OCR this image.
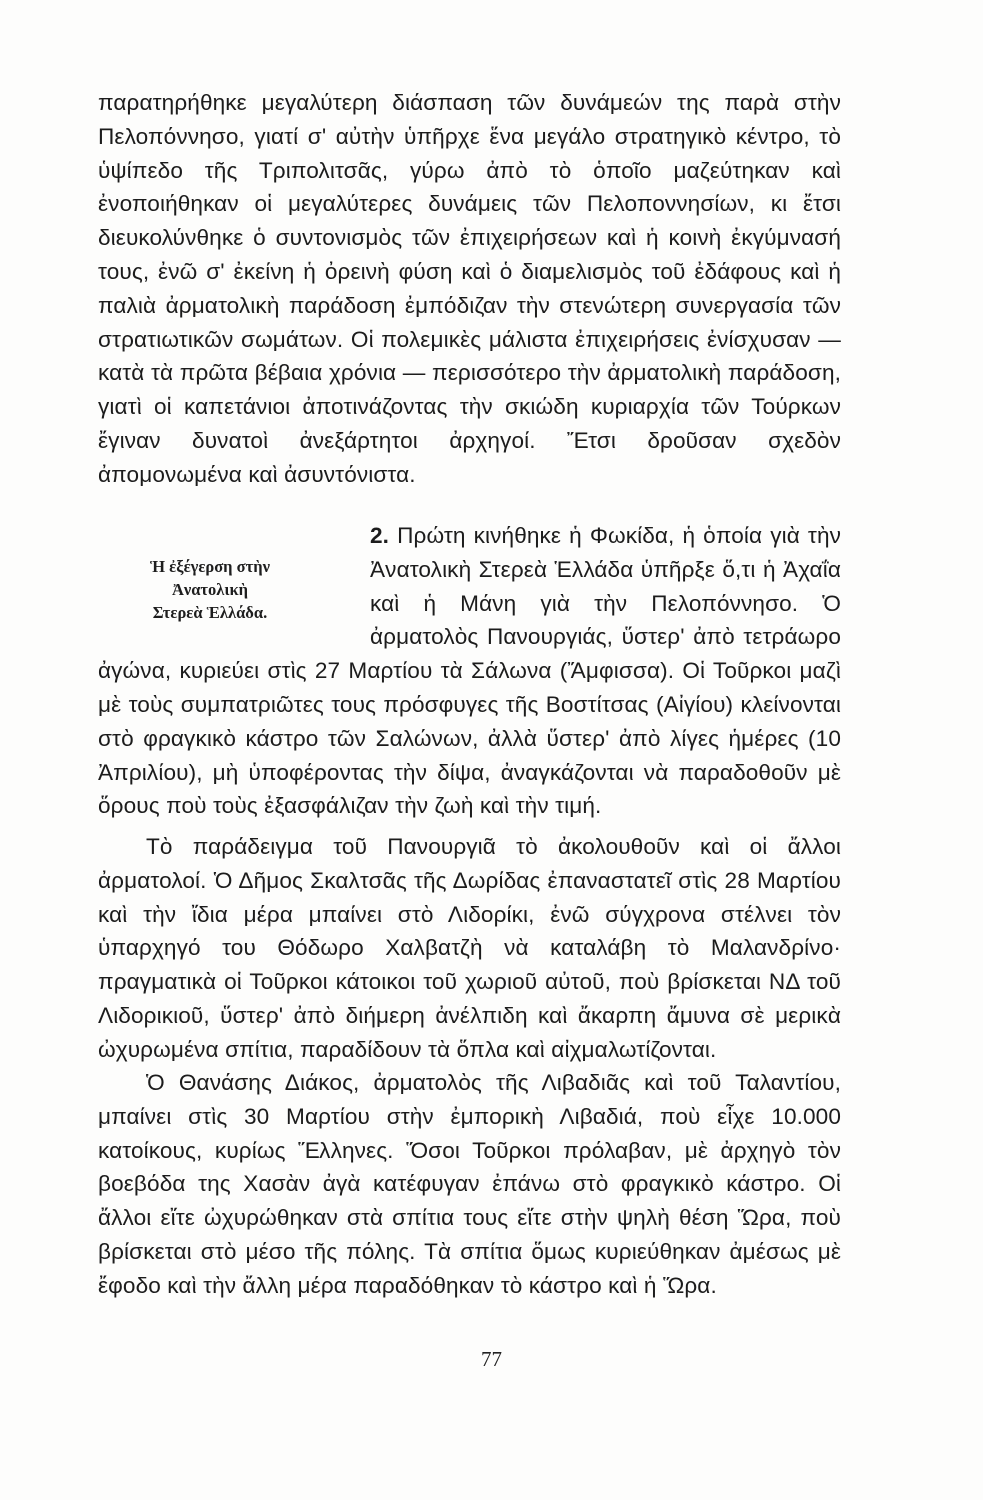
παρατηρήθηκε μεγαλύτερη διάσπαση τῶν δυνάμεών της παρὰ στὴν Πελοπόννησο, γιατί σ' αὐτὴν ὑπῆρχε ἕνα μεγάλο στρατηγικὸ κέντρο, τὸ ὑψίπεδο τῆς Τριπολιτσᾶς, γύρω ἀπὸ τὸ ὁποῖο μαζεύτηκαν καὶ ἐνοποιήθηκαν οἱ μεγαλύτερες δυνάμεις τῶν Πελοποννησίων, κι ἔτσι διευκολύνθηκε ὁ συντονισμὸς τῶν ἐπιχειρήσεων καὶ ἡ κοινὴ ἐκγύμνασή τους, ἐνῶ σ' ἐκείνη ἡ ὀρεινὴ φύση καὶ ὁ διαμελισμὸς τοῦ ἐδάφους καὶ ἡ παλιὰ ἀρματολικὴ παράδοση ἐμπόδιζαν τὴν στενώτερη συνεργασία τῶν στρατιωτικῶν σωμάτων. Οἱ πολεμικὲς μάλιστα ἐπιχειρήσεις ἐνίσχυσαν — κατὰ τὰ πρῶτα βέβαια χρόνια — περισσότερο τὴν ἀρματολικὴ παράδοση, γιατὶ οἱ καπετάνιοι ἀποτινάζοντας τὴν σκιώδη κυριαρχία τῶν Τούρκων ἔγιναν δυνατοὶ ἀνεξάρτητοι ἀρχηγοί. Ἔτσι δροῦσαν σχεδὸν ἀπομονωμένα καὶ ἀσυντόνιστα.

Ἡ ἐξέγερση στὴν
Ἀνατολικὴ
Στερεὰ Ἑλλάδα.
2. Πρώτη κινήθηκε ἡ Φωκίδα, ἡ ὁποία γιὰ τὴν Ἀνατολικὴ Στερεὰ Ἑλλάδα ὑπῆρξε ὅ,τι ἡ Ἀχαΐα καὶ ἡ Μάνη γιὰ τὴν Πελοπόννησο. Ὁ ἀρματολὸς Πανουργιάς, ὕστερ' ἀπὸ τετράωρο ἀγώνα, κυριεύει στὶς 27 Μαρτίου τὰ Σάλωνα (Ἄμφισσα). Οἱ Τοῦρκοι μαζὶ μὲ τοὺς συμπατριῶτες τους πρόσφυγες τῆς Βοστίτσας (Αἰγίου) κλείνονται στὸ φραγκικὸ κάστρο τῶν Σαλώνων, ἀλλὰ ὕστερ' ἀπὸ λίγες ἡμέρες (10 Ἀπριλίου), μὴ ὑποφέροντας τὴν δίψα, ἀναγκάζονται νὰ παραδοθοῦν μὲ ὅρους ποὺ τοὺς ἐξασφάλιζαν τὴν ζωὴ καὶ τὴν τιμή.

Τὸ παράδειγμα τοῦ Πανουργιᾶ τὸ ἀκολουθοῦν καὶ οἱ ἄλλοι ἀρματολοί. Ὁ Δῆμος Σκαλτσᾶς τῆς Δωρίδας ἐπαναστατεῖ στὶς 28 Μαρτίου καὶ τὴν ἴδια μέρα μπαίνει στὸ Λιδορίκι, ἐνῶ σύγχρονα στέλνει τὸν ὑπαρχηγό του Θόδωρο Χαλβατζὴ νὰ καταλάβη τὸ Μαλανδρίνο· πραγματικὰ οἱ Τοῦρκοι κάτοικοι τοῦ χωριοῦ αὐτοῦ, ποὺ βρίσκεται ΝΔ τοῦ Λιδορικιοῦ, ὕστερ' ἀπὸ διήμερη ἀνέλπιδη καὶ ἄκαρπη ἄμυνα σὲ μερικὰ ὠχυρωμένα σπίτια, παραδίδουν τὰ ὅπλα καὶ αἰχμαλωτίζονται.

Ὁ Θανάσης Διάκος, ἀρματολὸς τῆς Λιβαδιᾶς καὶ τοῦ Ταλαντίου, μπαίνει στὶς 30 Μαρτίου στὴν ἐμπορικὴ Λιβαδιά, ποὺ εἶχε 10.000 κατοίκους, κυρίως Ἕλληνες. Ὅσοι Τοῦρκοι πρόλαβαν, μὲ ἀρχηγὸ τὸν βοεβόδα της Χασὰν ἀγὰ κατέφυγαν ἐπάνω στὸ φραγκικὸ κάστρο. Οἱ ἄλλοι εἴτε ὠχυρώθηκαν στὰ σπίτια τους εἴτε στὴν ψηλὴ θέση Ὥρα, ποὺ βρίσκεται στὸ μέσο τῆς πόλης. Τὰ σπίτια ὅμως κυριεύθηκαν ἀμέσως μὲ ἔφοδο καὶ τὴν ἄλλη μέρα παραδόθηκαν τὸ κάστρο καὶ ἡ Ὥρα.

77
